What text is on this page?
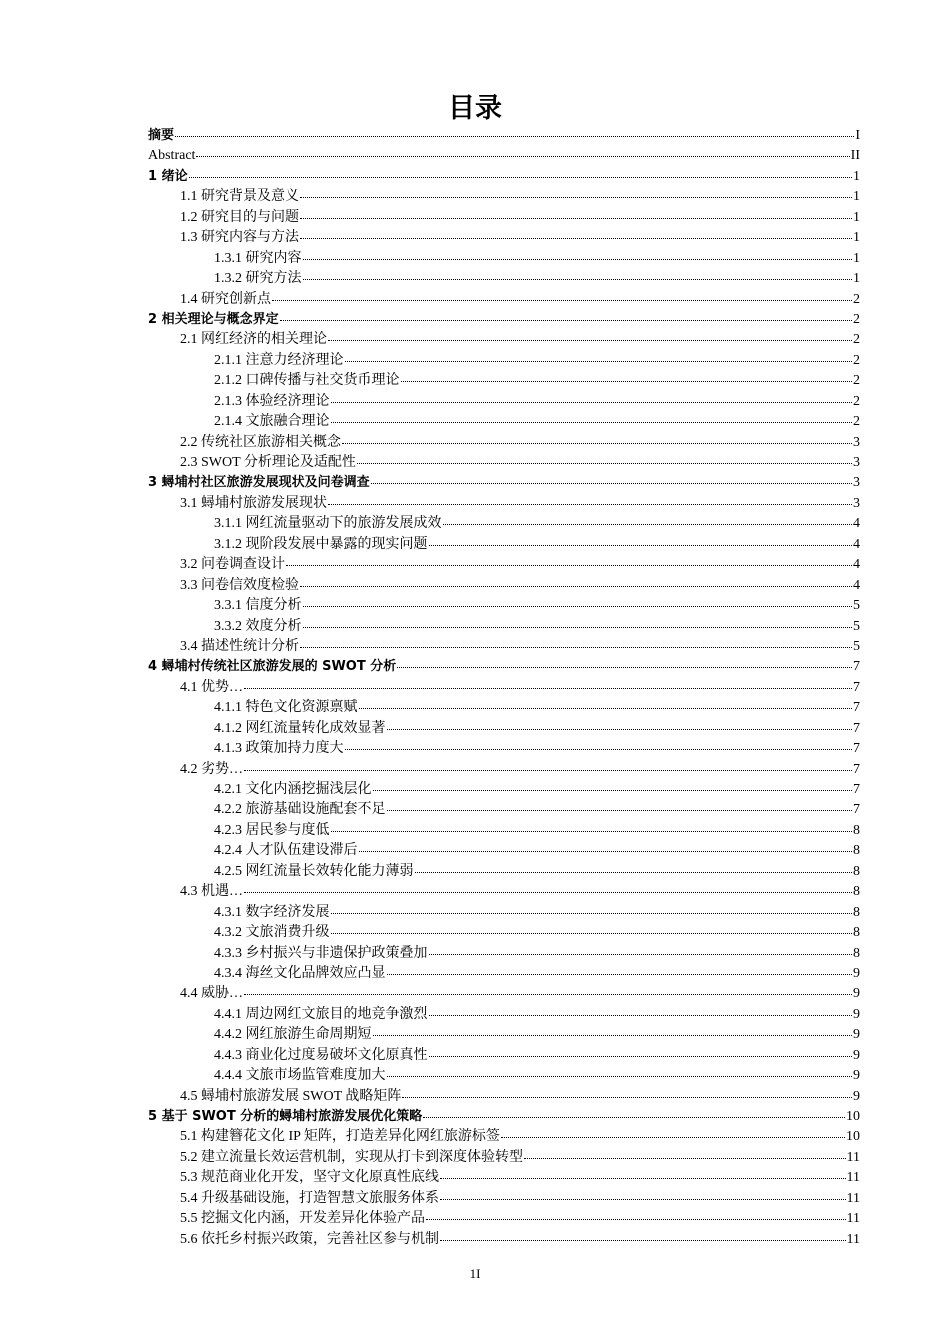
目录
摘要	I
Abstract	II
1 绪论	1
1.1 研究背景及意义	1
1.2 研究目的与问题	1
1.3 研究内容与方法	1
1.3.1 研究内容	1
1.3.2 研究方法	1
1.4 研究创新点	2
2 相关理论与概念界定	2
2.1 网红经济的相关理论	2
2.1.1 注意力经济理论	2
2.1.2 口碑传播与社交货币理论	2
2.1.3 体验经济理论	2
2.1.4 文旅融合理论	2
2.2 传统社区旅游相关概念	3
2.3 SWOT 分析理论及适配性	3
3 蟳埔村社区旅游发展现状及问卷调查	3
3.1 蟳埔村旅游发展现状	3
3.1.1 网红流量驱动下的旅游发展成效	4
3.1.2 现阶段发展中暴露的现实问题	4
3.2 问卷调查设计	4
3.3 问卷信效度检验	4
3.3.1 信度分析	5
3.3.2 效度分析	5
3.4 描述性统计分析	5
4 蟳埔村传统社区旅游发展的 SWOT 分析	7
4.1 优势…	7
4.1.1 特色文化资源禀赋	7
4.1.2 网红流量转化成效显著	7
4.1.3 政策加持力度大	7
4.2 劣势…	7
4.2.1 文化内涵挖掘浅层化	7
4.2.2 旅游基础设施配套不足	7
4.2.3 居民参与度低	8
4.2.4 人才队伍建设滞后	8
4.2.5 网红流量长效转化能力薄弱	8
4.3 机遇…	8
4.3.1 数字经济发展	8
4.3.2 文旅消费升级	8
4.3.3 乡村振兴与非遗保护政策叠加	8
4.3.4 海丝文化品牌效应凸显	9
4.4 威胁…	9
4.4.1 周边网红文旅目的地竞争激烈	9
4.4.2 网红旅游生命周期短	9
4.4.3 商业化过度易破坏文化原真性	9
4.4.4 文旅市场监管难度加大	9
4.5 蟳埔村旅游发展 SWOT 战略矩阵	9
5 基于 SWOT 分析的蟳埔村旅游发展优化策略	10
5.1 构建簪花文化 IP 矩阵，打造差异化网红旅游标签	10
5.2 建立流量长效运营机制，实现从打卡到深度体验转型	11
5.3 规范商业化开发，坚守文化原真性底线	11
5.4 升级基础设施，打造智慧文旅服务体系	11
5.5 挖掘文化内涵，开发差异化体验产品	11
5.6 依托乡村振兴政策，完善社区参与机制	11
1I
